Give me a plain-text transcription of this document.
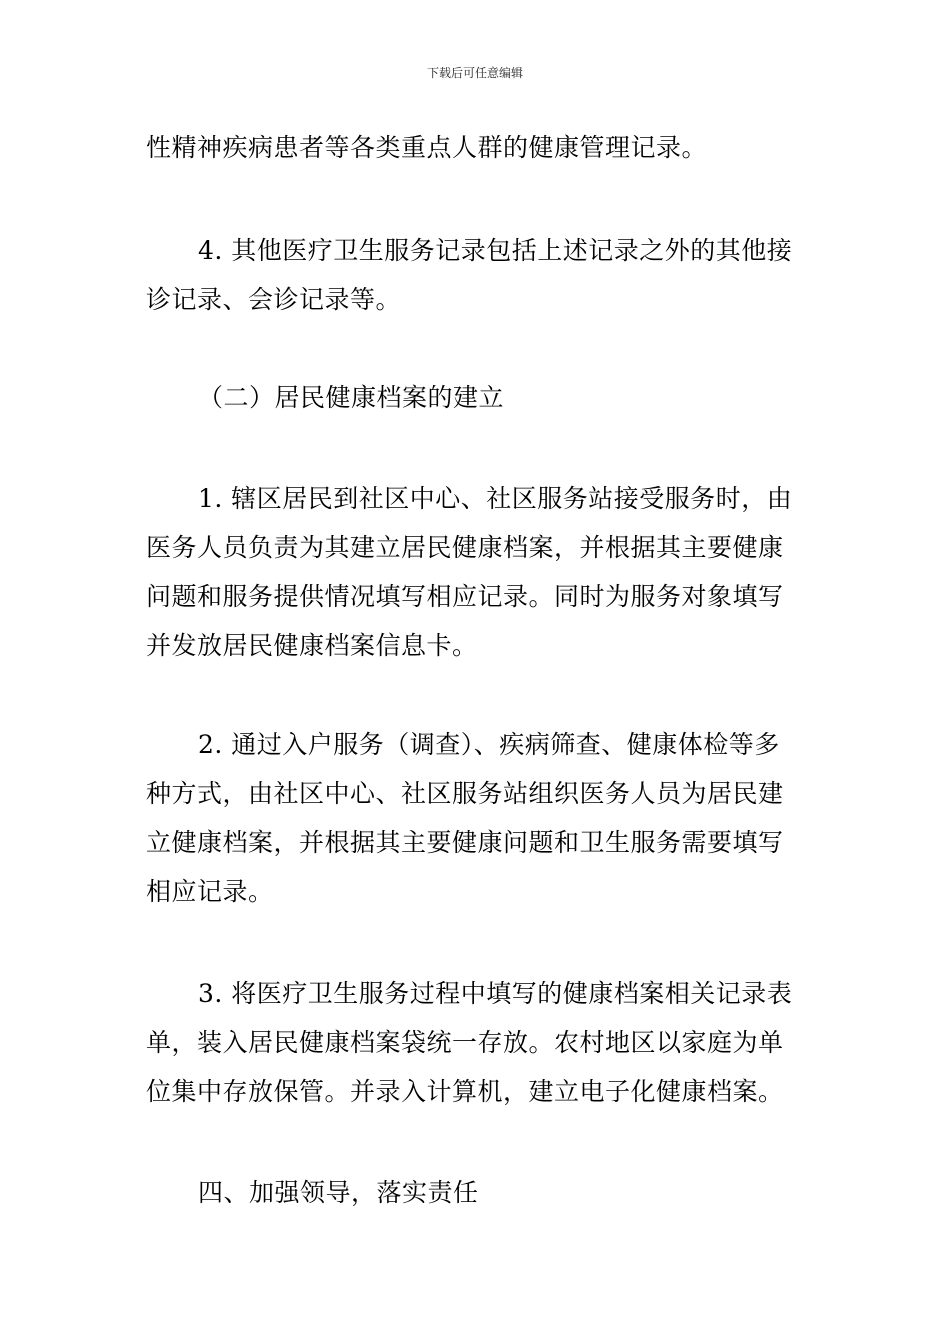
下载后可任意编辑
性精神疾病患者等各类重点人群的健康管理记录。
4. 其他医疗卫生服务记录包括上述记录之外的其他接
诊记录、会诊记录等。
（二）居民健康档案的建立
1. 辖区居民到社区中心、社区服务站接受服务时，由
医务人员负责为其建立居民健康档案，并根据其主要健康
问题和服务提供情况填写相应记录。同时为服务对象填写
并发放居民健康档案信息卡。
2. 通过入户服务（调查）、疾病筛查、健康体检等多
种方式，由社区中心、社区服务站组织医务人员为居民建
立健康档案，并根据其主要健康问题和卫生服务需要填写
相应记录。
3. 将医疗卫生服务过程中填写的健康档案相关记录表
单，装入居民健康档案袋统一存放。农村地区以家庭为单
位集中存放保管。并录入计算机，建立电子化健康档案。
四、加强领导，落实责任
